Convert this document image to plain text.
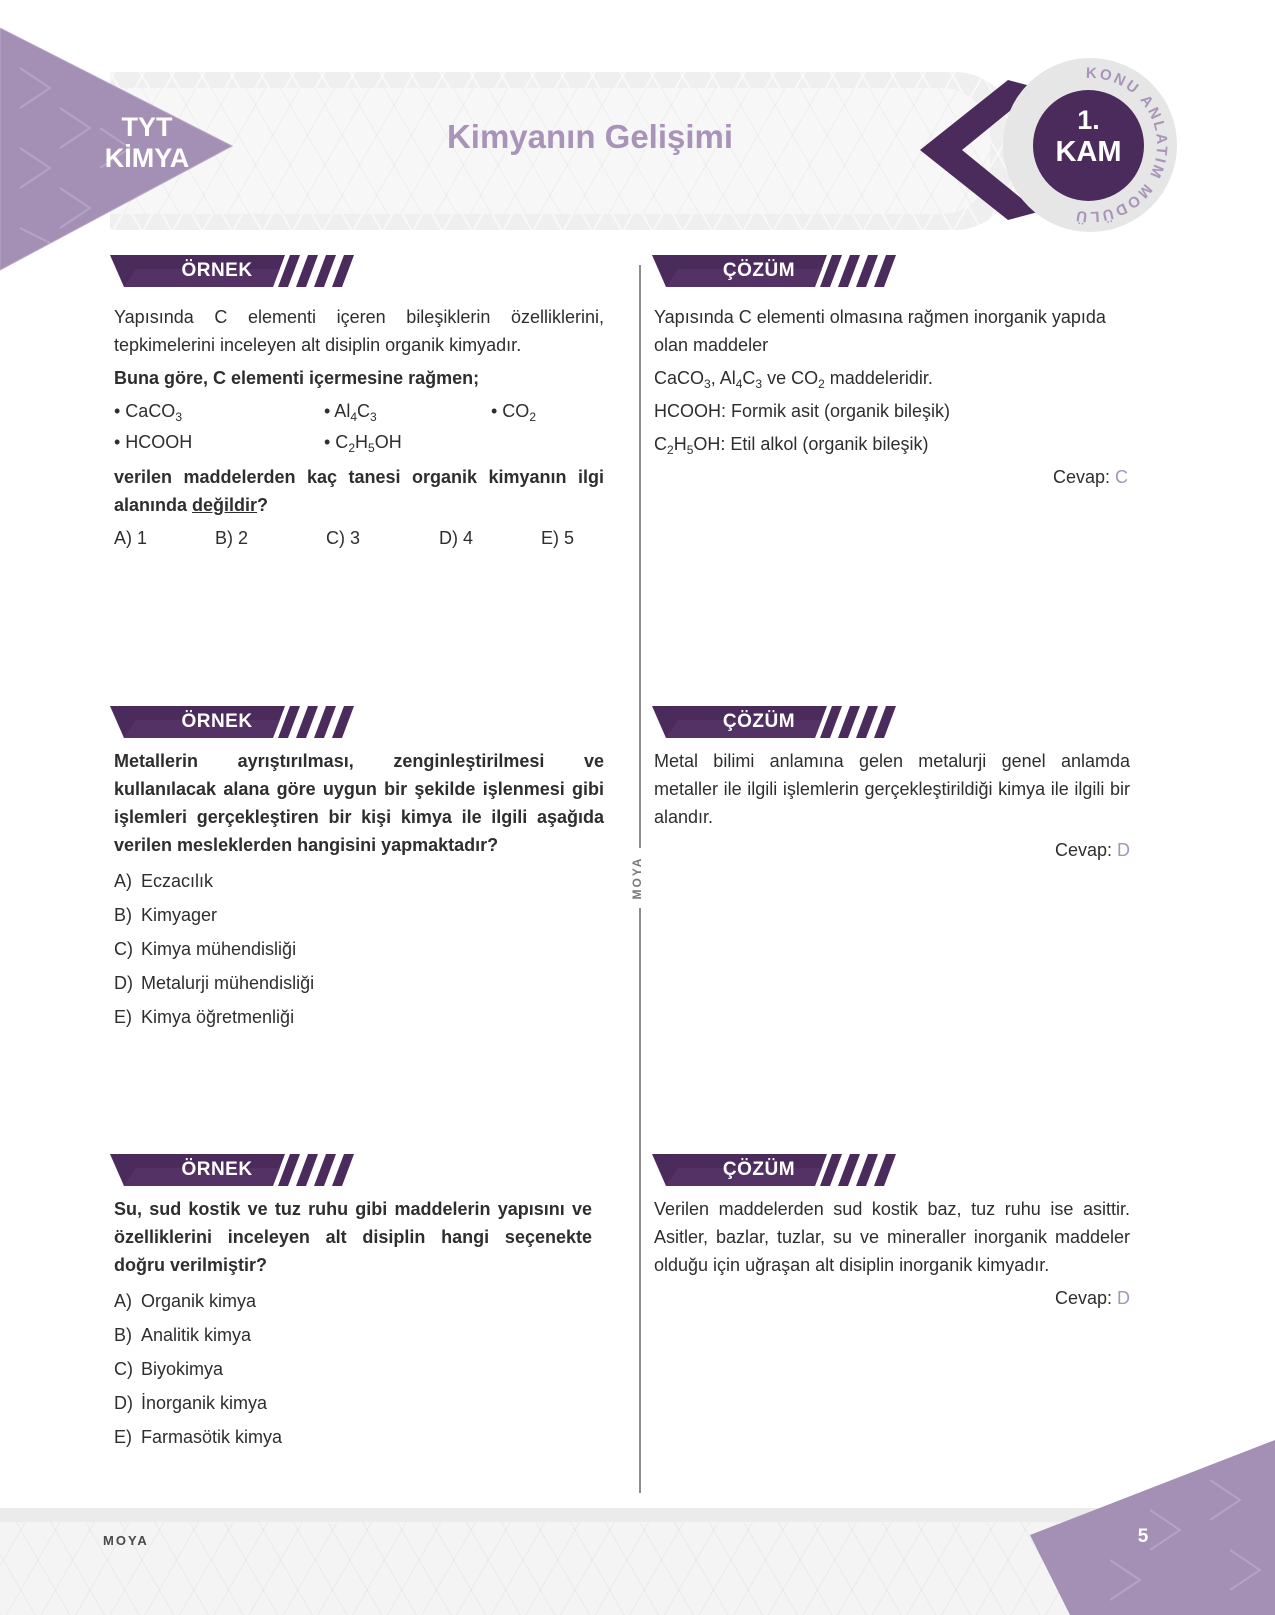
TYT
KİMYA
Kimyanın Gelişimi
KONU ANLATIM MODÜLÜ
1.
KAM
MOYA
ÖRNEK	ÇÖZÜM
ÖRNEK	ÇÖZÜM
ÖRNEK	ÇÖZÜM

Yapısında C elementi içeren bileşiklerin özelliklerini, tepkimelerini inceleyen alt disiplin organik kimyadır.

Buna göre, C elementi içermesine rağmen;

• CaCO$_3$	• $Al_4C_3$	• $CO_2$
• HCOOH	• $C_2H_5OH$

verilen maddelerden kaç tanesi organik kimyanın ilgi alanında değildir?

A) 1	B) 2	C) 3	D) 4	E) 5

Yapısında C elementi olmasına rağmen inorganik yapıda olan maddeler

CaCO$_3$, $Al_4C_3$ ve $CO_2$ maddeleridir.

HCOOH: Formik asit (organik bileşik)

$C_2H_5OH$: Etil alkol (organik bileşik)

Cevap: C

Metallerin ayrıştırılması, zenginleştirilmesi ve kullanılacak alana göre uygun bir şekilde işlenmesi gibi işlemleri gerçekleştiren bir kişi kimya ile ilgili aşağıda verilen mesleklerden hangisini yapmaktadır?

A) Eczacılık
B) Kimyager
C) Kimya mühendisliği
D) Metalurji mühendisliği
E) Kimya öğretmenliği

Metal bilimi anlamına gelen metalurji genel anlamda metaller ile ilgili işlemlerin gerçekleştirildiği kimya ile ilgili bir alandır.

Cevap: D

Su, sud kostik ve tuz ruhu gibi maddelerin yapısını ve özelliklerini inceleyen alt disiplin hangi seçenekte doğru verilmiştir?

A) Organik kimya
B) Analitik kimya
C) Biyokimya
D) İnorganik kimya
E) Farmasötik kimya

Verilen maddelerden sud kostik baz, tuz ruhu ise asittir. Asitler, bazlar, tuzlar, su ve mineraller inorganik maddeler olduğu için uğraşan alt disiplin inorganik kimyadır.

Cevap: D

MOYA	5
